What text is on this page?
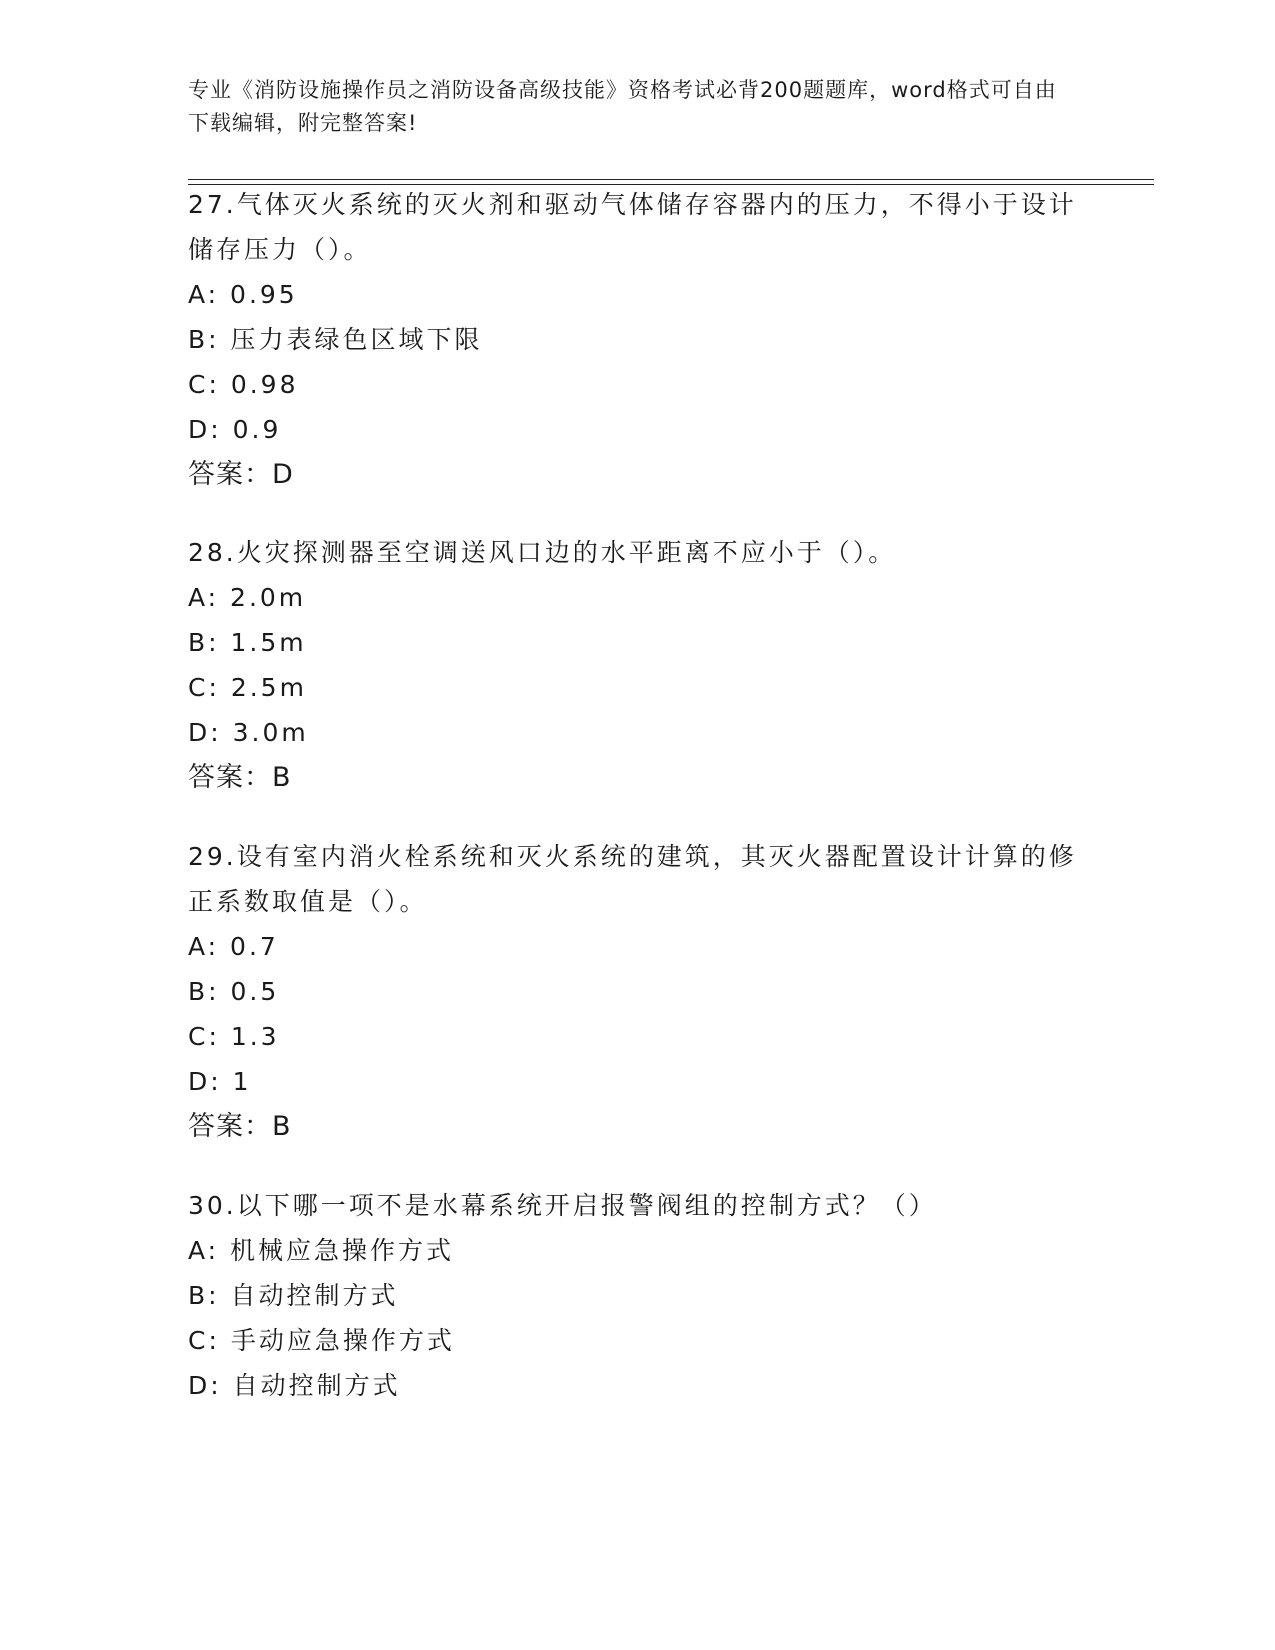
专业《消防设施操作员之消防设备高级技能》资格考试必背200题题库，word格式可自由下载编辑，附完整答案!

27.气体灭火系统的灭火剂和驱动气体储存容器内的压力，不得小于设计储存压力（）。

A: 0.95

B: 压力表绿色区域下限

C: 0.98

D: 0.9

答案：D

28.火灾探测器至空调送风口边的水平距离不应小于（）。

A: 2.0m

B: 1.5m

C: 2.5m

D: 3.0m

答案：B

29.设有室内消火栓系统和灭火系统的建筑，其灭火器配置设计计算的修正系数取值是（）。

A: 0.7

B: 0.5

C: 1.3

D: 1

答案：B

30.以下哪一项不是水幕系统开启报警阀组的控制方式？（）

A: 机械应急操作方式

B: 自动控制方式

C: 手动应急操作方式

D: 自动控制方式
